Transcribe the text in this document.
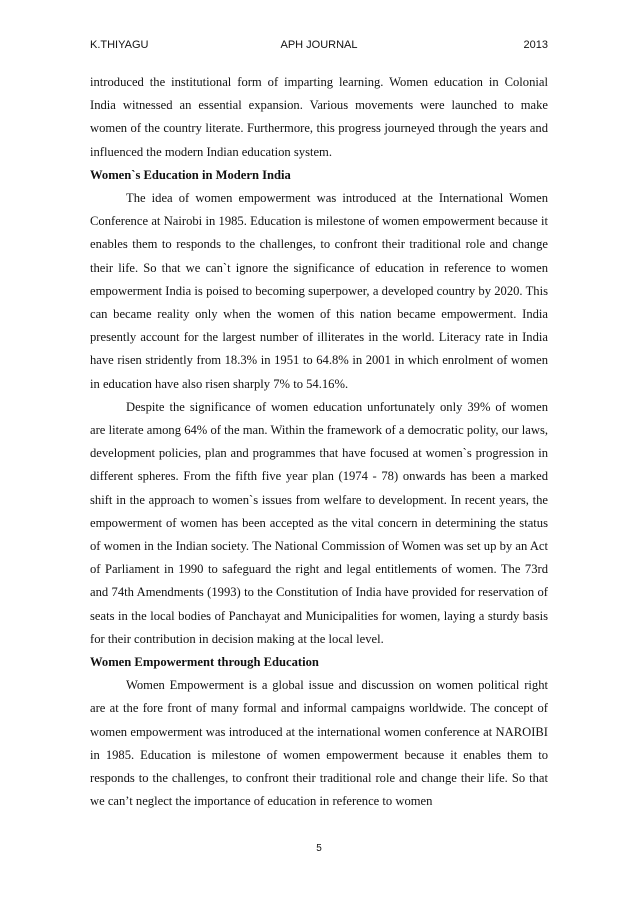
K.THIYAGU	APH JOURNAL	2013

introduced the institutional form of imparting learning. Women education in Colonial India witnessed an essential expansion. Various movements were launched to make women of the country literate. Furthermore, this progress journeyed through the years and influenced the modern Indian education system.

Women`s Education in Modern India

The idea of women empowerment was introduced at the International Women Conference at Nairobi in 1985. Education is milestone of women empowerment because it enables them to responds to the challenges, to confront their traditional role and change their life. So that we can`t ignore the significance of education in reference to women empowerment India is poised to becoming superpower, a developed country by 2020. This can became reality only when the women of this nation became empowerment. India presently account for the largest number of illiterates in the world. Literacy rate in India have risen stridently from 18.3% in 1951 to 64.8% in 2001 in which enrolment of women in education have also risen sharply 7% to 54.16%.

Despite the significance of women education unfortunately only 39% of women are literate among 64% of the man. Within the framework of a democratic polity, our laws, development policies, plan and programmes that have focused at women`s progression in different spheres. From the fifth five year plan (1974 - 78) onwards has been a marked shift in the approach to women`s issues from welfare to development. In recent years, the empowerment of women has been accepted as the vital concern in determining the status of women in the Indian society. The National Commission of Women was set up by an Act of Parliament in 1990 to safeguard the right and legal entitlements of women. The 73rd and 74th Amendments (1993) to the Constitution of India have provided for reservation of seats in the local bodies of Panchayat and Municipalities for women, laying a sturdy basis for their contribution in decision making at the local level.

Women Empowerment through Education

Women Empowerment is a global issue and discussion on women political right are at the fore front of many formal and informal campaigns worldwide. The concept of women empowerment was introduced at the international women conference at NAROIBI in 1985. Education is milestone of women empowerment because it enables them to responds to the challenges, to confront their traditional role and change their life. So that we can’t neglect the importance of education in reference to women

5
